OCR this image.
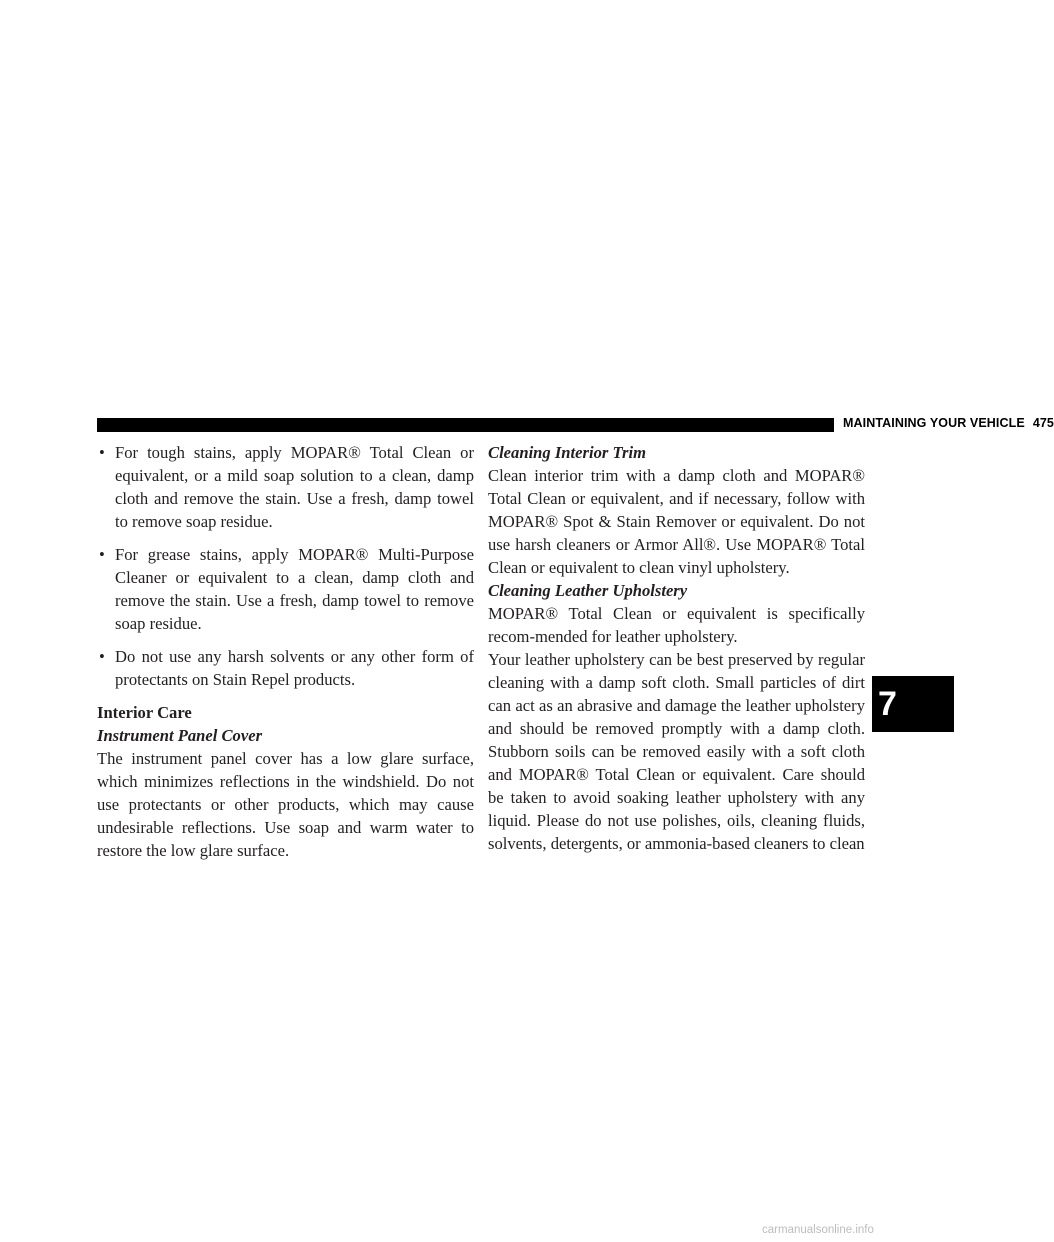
MAINTAINING YOUR VEHICLE 475
7
• For tough stains, apply MOPAR® Total Clean or equivalent, or a mild soap solution to a clean, damp cloth and remove the stain. Use a fresh, damp towel to remove soap residue.
• For grease stains, apply MOPAR® Multi-Purpose Cleaner or equivalent to a clean, damp cloth and remove the stain. Use a fresh, damp towel to remove soap residue.
• Do not use any harsh solvents or any other form of protectants on Stain Repel products.

Interior Care

Instrument Panel Cover

The instrument panel cover has a low glare surface, which minimizes reflections in the windshield. Do not use protectants or other products, which may cause undesirable reflections. Use soap and warm water to restore the low glare surface.

Cleaning Interior Trim

Clean interior trim with a damp cloth and MOPAR® Total Clean or equivalent, and if necessary, follow with MOPAR® Spot & Stain Remover or equivalent. Do not use harsh cleaners or Armor All®. Use MOPAR® Total Clean or equivalent to clean vinyl upholstery.

Cleaning Leather Upholstery

MOPAR® Total Clean or equivalent is specifically recom-mended for leather upholstery.

Your leather upholstery can be best preserved by regular cleaning with a damp soft cloth. Small particles of dirt can act as an abrasive and damage the leather upholstery and should be removed promptly with a damp cloth. Stubborn soils can be removed easily with a soft cloth and MOPAR® Total Clean or equivalent. Care should be taken to avoid soaking leather upholstery with any liquid. Please do not use polishes, oils, cleaning fluids, solvents, detergents, or ammonia-based cleaners to clean

carmanualsonline.info
